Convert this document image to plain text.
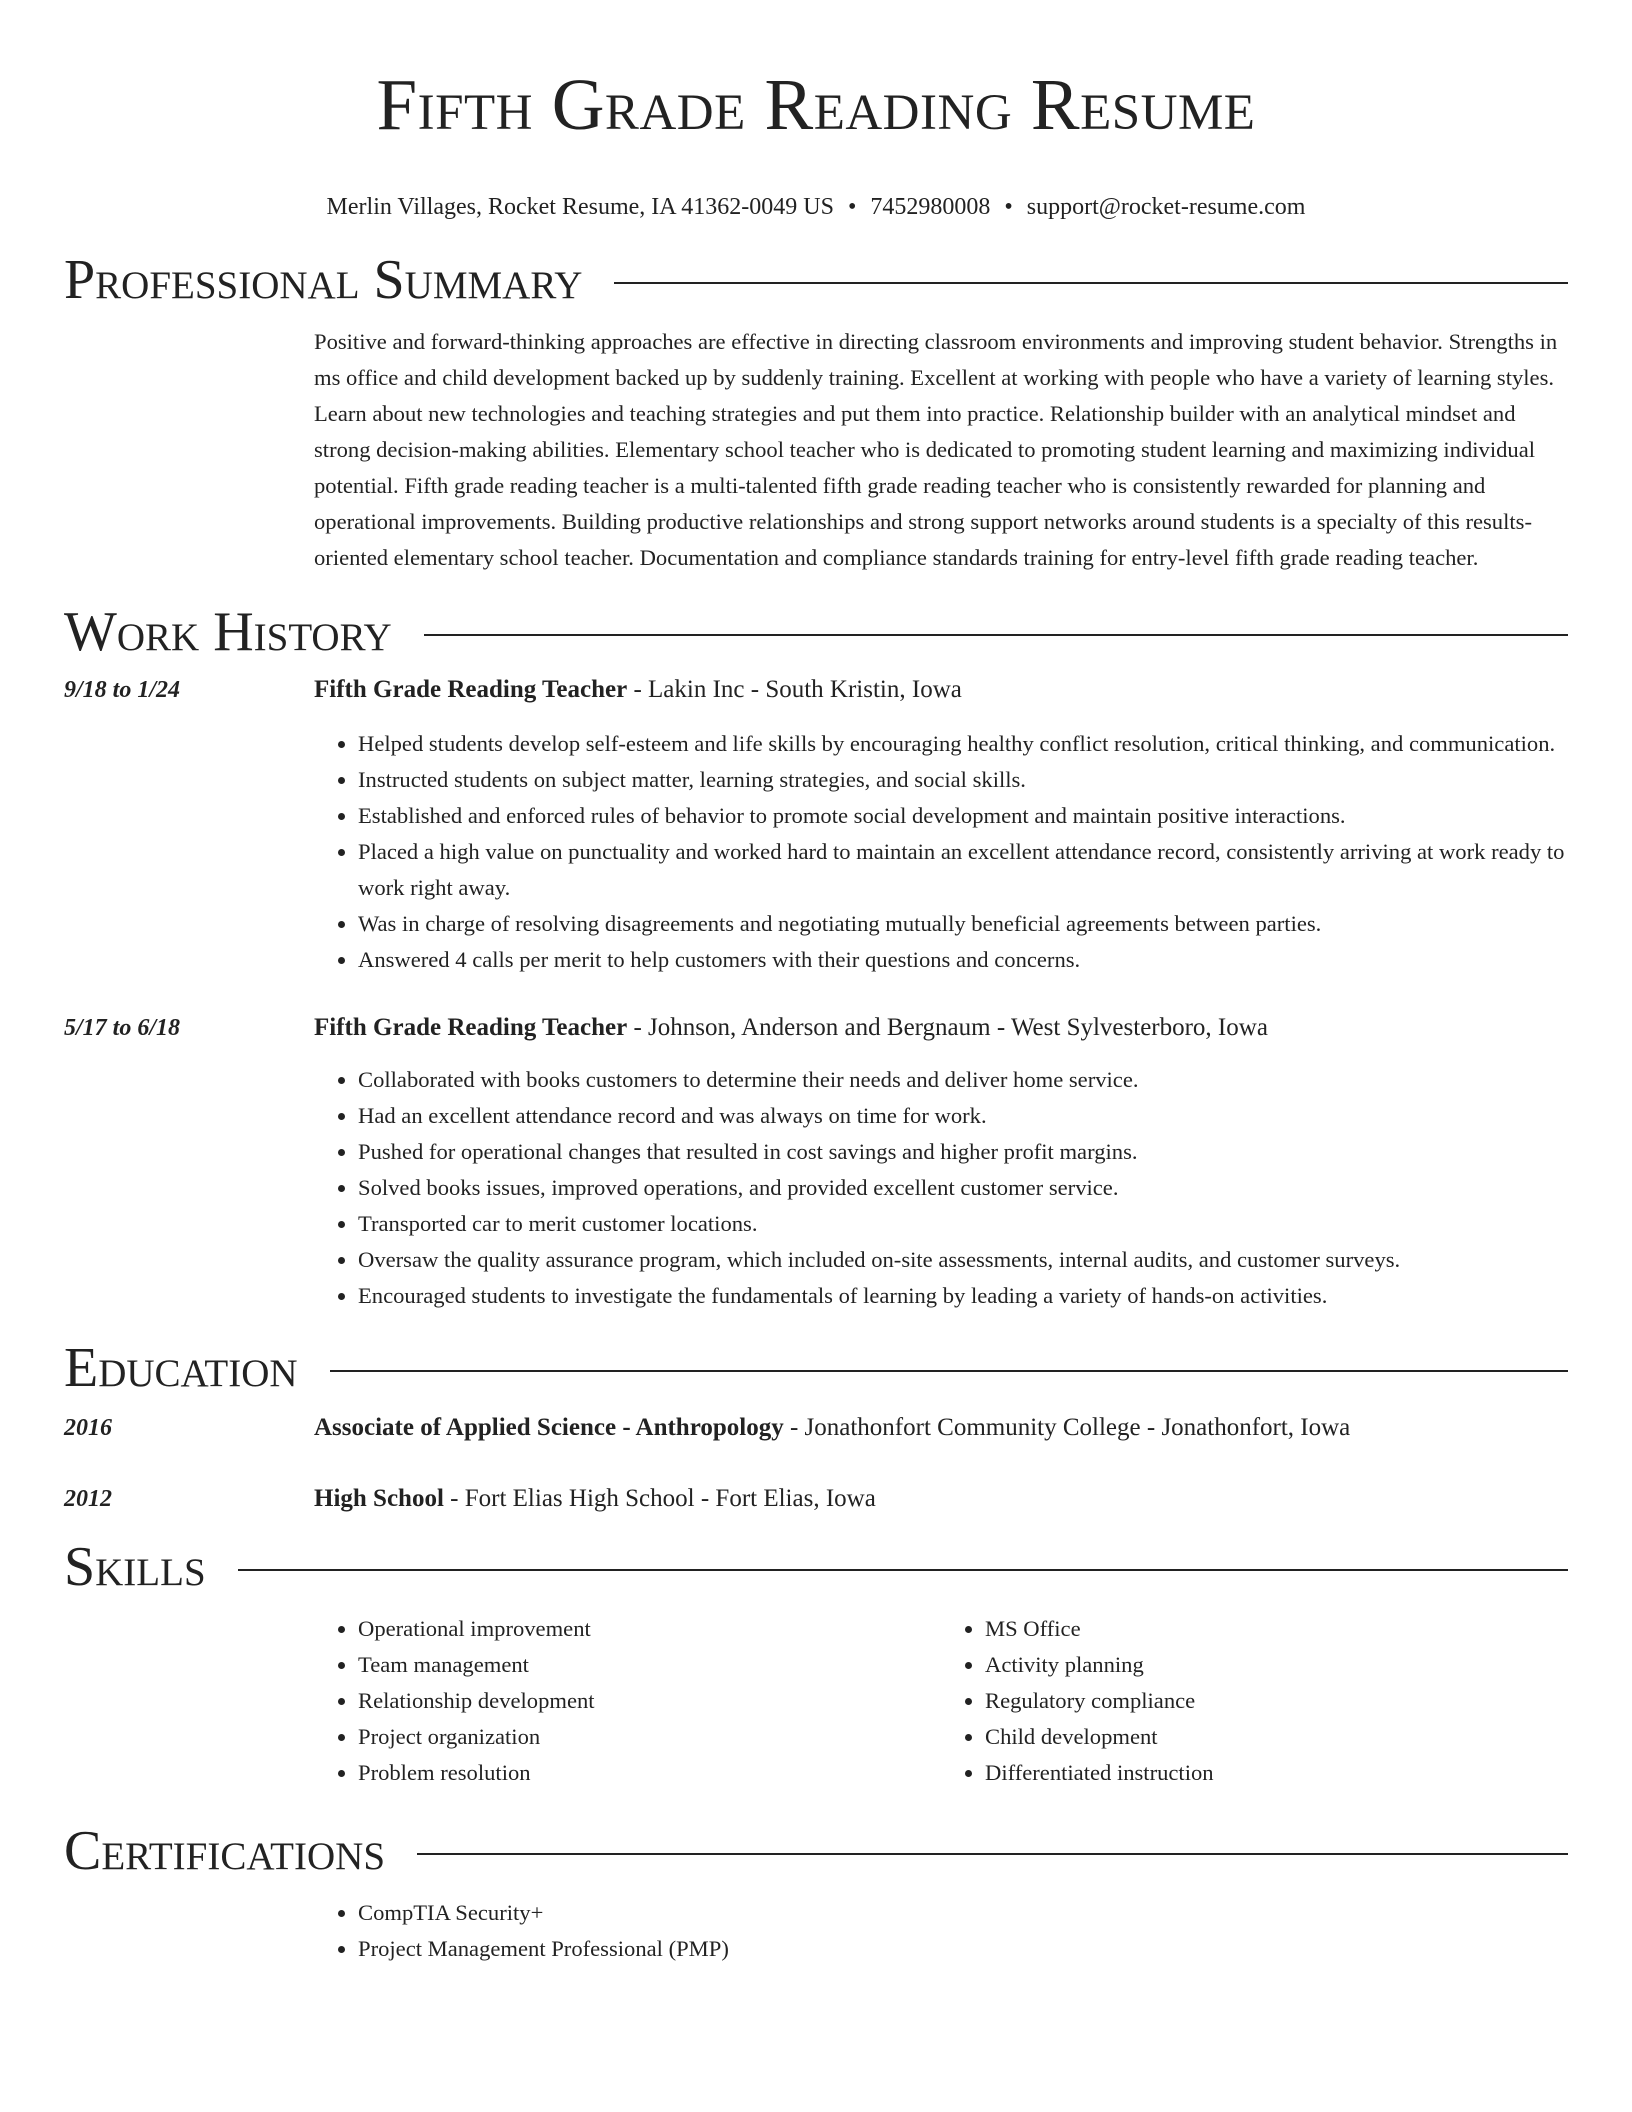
Fifth Grade Reading Resume
Merlin Villages, Rocket Resume, IA 41362-0049 US • 7452980008 • support@rocket-resume.com
Professional Summary
Positive and forward-thinking approaches are effective in directing classroom environments and improving student behavior. Strengths in ms office and child development backed up by suddenly training. Excellent at working with people who have a variety of learning styles. Learn about new technologies and teaching strategies and put them into practice. Relationship builder with an analytical mindset and strong decision-making abilities. Elementary school teacher who is dedicated to promoting student learning and maximizing individual potential. Fifth grade reading teacher is a multi-talented fifth grade reading teacher who is consistently rewarded for planning and operational improvements. Building productive relationships and strong support networks around students is a specialty of this results-oriented elementary school teacher. Documentation and compliance standards training for entry-level fifth grade reading teacher.
Work History
9/18 to 1/24	Fifth Grade Reading Teacher - Lakin Inc - South Kristin, Iowa
• Helped students develop self-esteem and life skills by encouraging healthy conflict resolution, critical thinking, and communication.
• Instructed students on subject matter, learning strategies, and social skills.
• Established and enforced rules of behavior to promote social development and maintain positive interactions.
• Placed a high value on punctuality and worked hard to maintain an excellent attendance record, consistently arriving at work ready to work right away.
• Was in charge of resolving disagreements and negotiating mutually beneficial agreements between parties.
• Answered 4 calls per merit to help customers with their questions and concerns.
5/17 to 6/18	Fifth Grade Reading Teacher - Johnson, Anderson and Bergnaum - West Sylvesterboro, Iowa
• Collaborated with books customers to determine their needs and deliver home service.
• Had an excellent attendance record and was always on time for work.
• Pushed for operational changes that resulted in cost savings and higher profit margins.
• Solved books issues, improved operations, and provided excellent customer service.
• Transported car to merit customer locations.
• Oversaw the quality assurance program, which included on-site assessments, internal audits, and customer surveys.
• Encouraged students to investigate the fundamentals of learning by leading a variety of hands-on activities.
Education
2016	Associate of Applied Science - Anthropology - Jonathonfort Community College - Jonathonfort, Iowa
2012	High School - Fort Elias High School - Fort Elias, Iowa
Skills
• Operational improvement
• Team management
• Relationship development
• Project organization
• Problem resolution
• MS Office
• Activity planning
• Regulatory compliance
• Child development
• Differentiated instruction
Certifications
• CompTIA Security+
• Project Management Professional (PMP)
